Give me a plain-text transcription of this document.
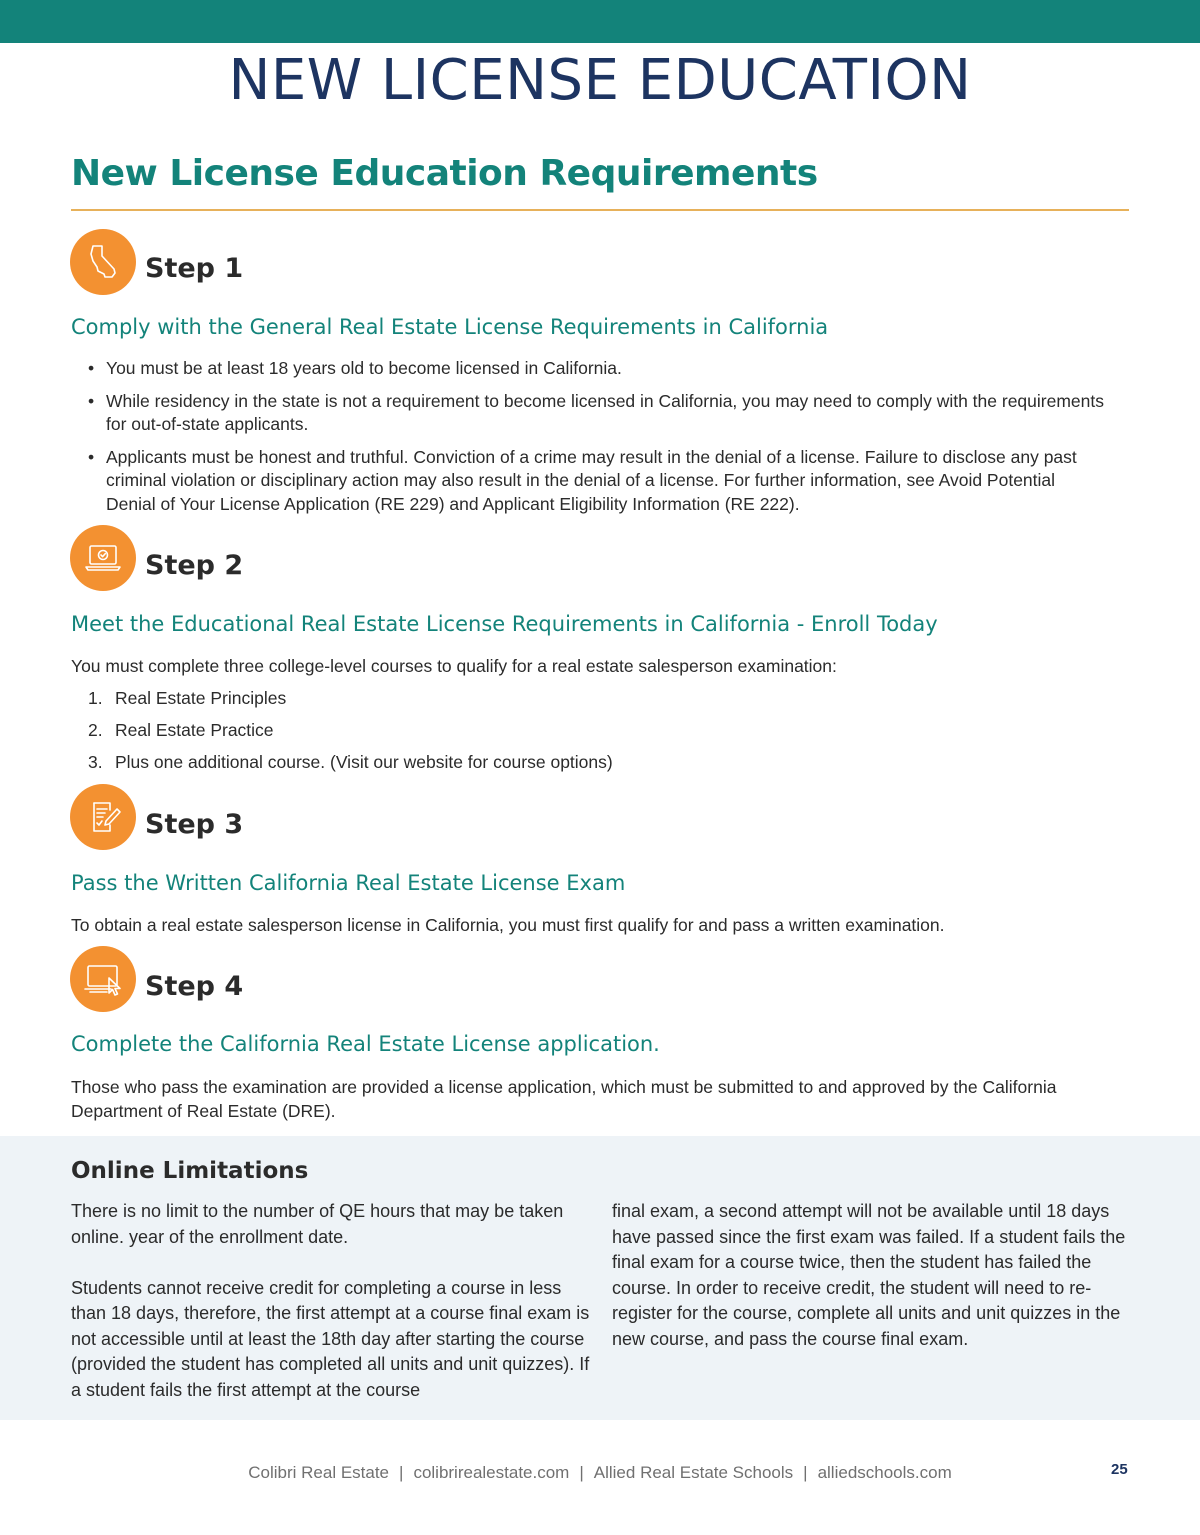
NEW LICENSE EDUCATION
New License Education Requirements
Step 1
Comply with the General Real Estate License Requirements in California
• You must be at least 18 years old to become licensed in California.
• While residency in the state is not a requirement to become licensed in California, you may need to comply with the requirements for out-of-state applicants.
• Applicants must be honest and truthful. Conviction of a crime may result in the denial of a license. Failure to disclose any past criminal violation or disciplinary action may also result in the denial of a license. For further information, see Avoid Potential Denial of Your License Application (RE 229) and Applicant Eligibility Information (RE 222).
Step 2
Meet the Educational Real Estate License Requirements in California - Enroll Today
You must complete three college-level courses to qualify for a real estate salesperson examination:
1. Real Estate Principles
2. Real Estate Practice
3. Plus one additional course. (Visit our website for course options)
Step 3
Pass the Written California Real Estate License Exam
To obtain a real estate salesperson license in California, you must first qualify for and pass a written examination.
Step 4
Complete the California Real Estate License application.
Those who pass the examination are provided a license application, which must be submitted to and approved by the California Department of Real Estate (DRE).
Online Limitations

There is no limit to the number of QE hours that may be taken online. year of the enrollment date.

Students cannot receive credit for completing a course in less than 18 days, therefore, the first attempt at a course final exam is not accessible until at least the 18th day after starting the course (provided the student has completed all units and unit quizzes). If a student fails the first attempt at the course

final exam, a second attempt will not be available until 18 days have passed since the first exam was failed. If a student fails the final exam for a course twice, then the student has failed the course. In order to receive credit, the student will need to re-register for the course, complete all units and unit quizzes in the new course, and pass the course final exam.

Colibri Real Estate | colibrirealestate.com | Allied Real Estate Schools | alliedschools.com	25
